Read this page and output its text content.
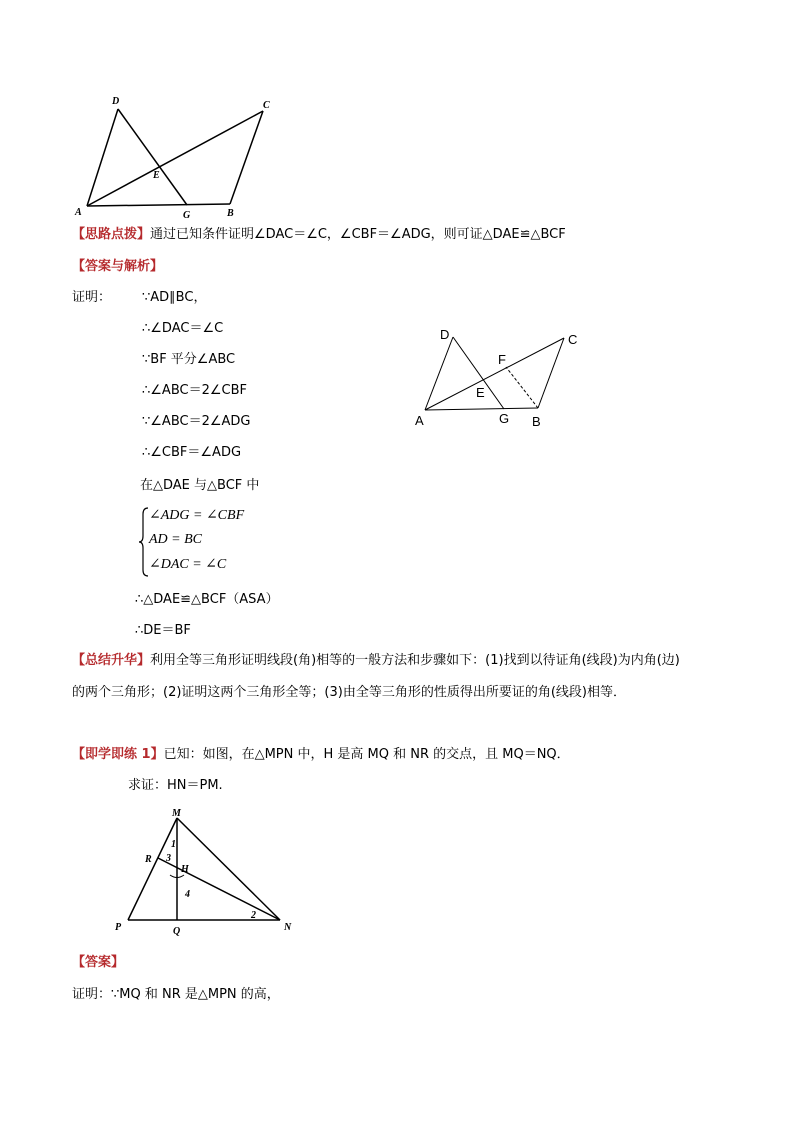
D	C
E
A	G	B
【思路点拨】通过已知条件证明∠DAC＝∠C，∠CBF＝∠ADG，则可证△DAE≌△BCF
【答案与解析】
证明： ∵AD∥BC，
∴∠DAC＝∠C
∵BF 平分∠ABC
∴∠ABC＝2∠CBF
∵∠ABC＝2∠ADG
∴∠CBF＝∠ADG
在△DAE 与△BCF 中
∠ADG = ∠CBF
AD = BC
∠DAC = ∠C
∴△DAE≌△BCF（ASA）
∴DE＝BF
D	C
F
E
A	G B
【总结升华】利用全等三角形证明线段(角)相等的一般方法和步骤如下：(1)找到以待证角(线段)为内角(边)
的两个三角形；(2)证明这两个三角形全等；(3)由全等三角形的性质得出所要证的角(线段)相等．
【即学即练 1】已知：如图，在△MPN 中，H 是高 MQ 和 NR 的交点，且 MQ＝NQ．
求证：HN＝PM.
M
R
1
3
H
4
2
P	Q	N
【答案】
证明：∵MQ 和 NR 是△MPN 的高，
